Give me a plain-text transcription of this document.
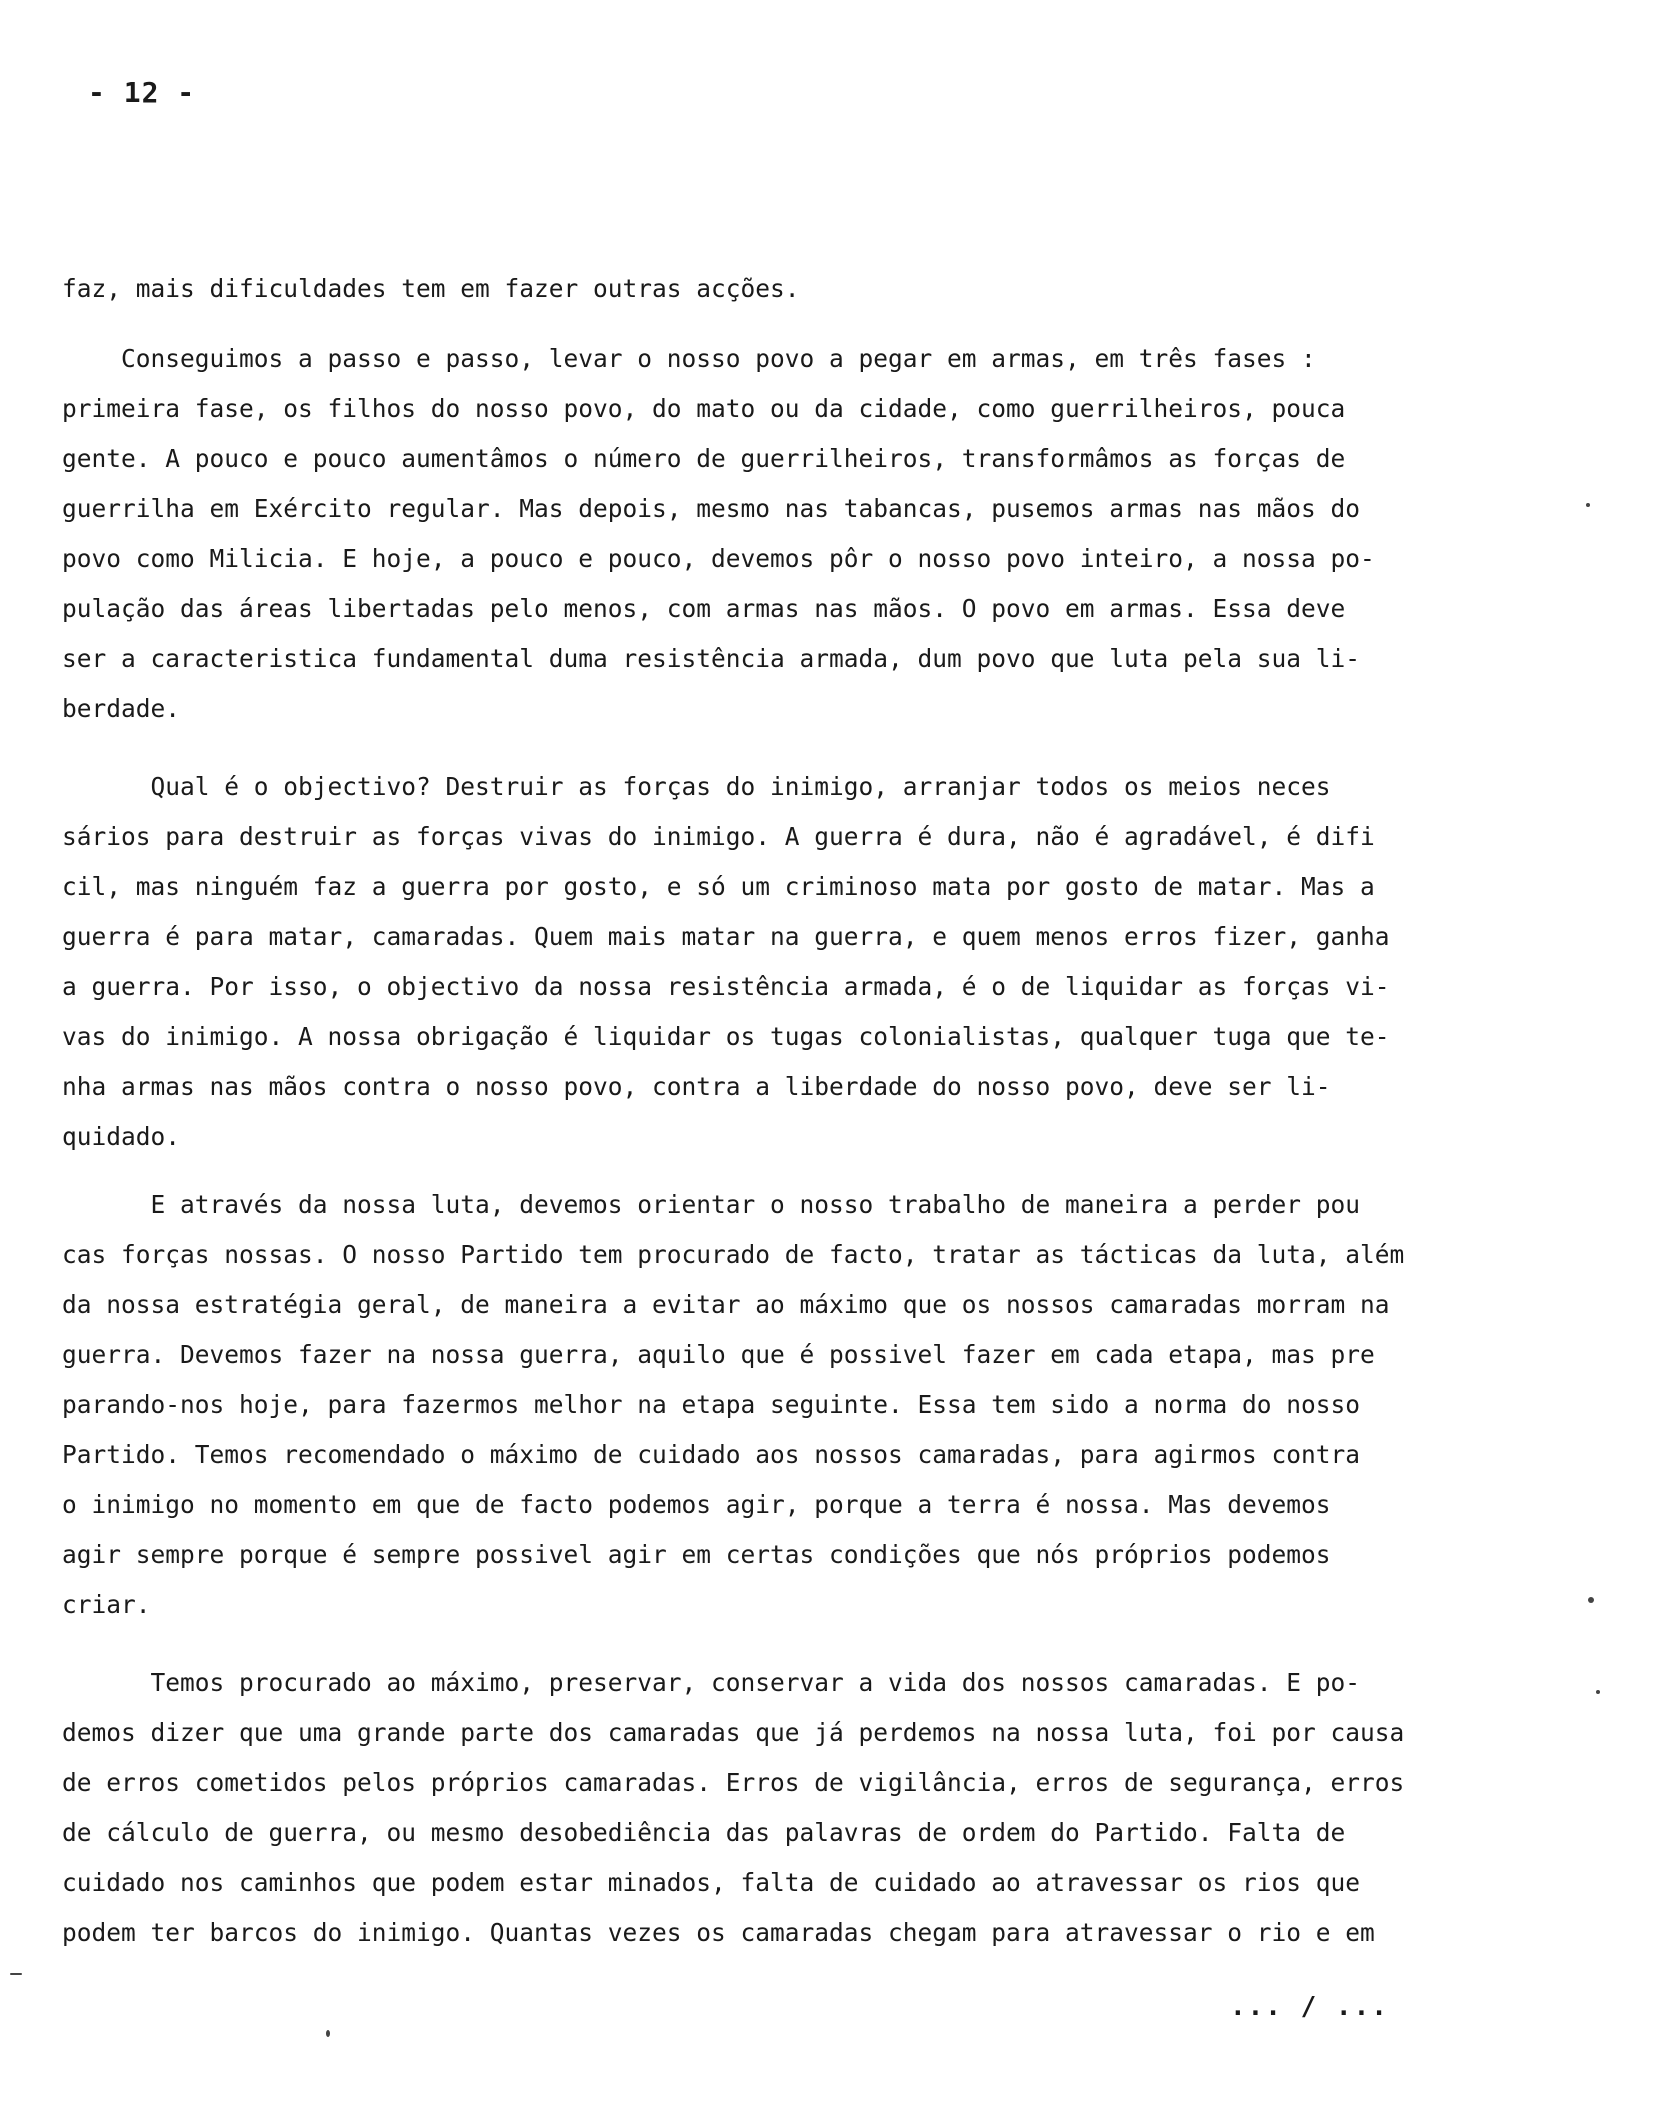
- 12 -
faz, mais dificuldades tem em fazer outras acções.
Conseguimos a passo e passo, levar o nosso povo a pegar em armas, em três fases :
primeira fase, os filhos do nosso povo, do mato ou da cidade, como guerrilheiros, pouca
gente. A pouco e pouco aumentâmos o número de guerrilheiros, transformâmos as forças de
guerrilha em Exército regular. Mas depois, mesmo nas tabancas, pusemos armas nas mãos do
povo como Milicia. E hoje, a pouco e pouco, devemos pôr o nosso povo inteiro, a nossa po-
pulação das áreas libertadas pelo menos, com armas nas mãos. O povo em armas. Essa deve
ser a caracteristica fundamental duma resistência armada, dum povo que luta pela sua li-
berdade.
Qual é o objectivo? Destruir as forças do inimigo, arranjar todos os meios neces
sários para destruir as forças vivas do inimigo. A guerra é dura, não é agradável, é difi
cil, mas ninguém faz a guerra por gosto, e só um criminoso mata por gosto de matar. Mas a
guerra é para matar, camaradas. Quem mais matar na guerra, e quem menos erros fizer, ganha
a guerra. Por isso, o objectivo da nossa resistência armada, é o de liquidar as forças vi-
vas do inimigo. A nossa obrigação é liquidar os tugas colonialistas, qualquer tuga que te-
nha armas nas mãos contra o nosso povo, contra a liberdade do nosso povo, deve ser li-
quidado.
E através da nossa luta, devemos orientar o nosso trabalho de maneira a perder pou
cas forças nossas. O nosso Partido tem procurado de facto, tratar as tácticas da luta, além
da nossa estratégia geral, de maneira a evitar ao máximo que os nossos camaradas morram na
guerra. Devemos fazer na nossa guerra, aquilo que é possivel fazer em cada etapa, mas pre
parando-nos hoje, para fazermos melhor na etapa seguinte. Essa tem sido a norma do nosso
Partido. Temos recomendado o máximo de cuidado aos nossos camaradas, para agirmos contra
o inimigo no momento em que de facto podemos agir, porque a terra é nossa. Mas devemos
agir sempre porque é sempre possivel agir em certas condições que nós próprios podemos
criar.
Temos procurado ao máximo, preservar, conservar a vida dos nossos camaradas. E po-
demos dizer que uma grande parte dos camaradas que já perdemos na nossa luta, foi por causa
de erros cometidos pelos próprios camaradas. Erros de vigilância, erros de segurança, erros
de cálculo de guerra, ou mesmo desobediência das palavras de ordem do Partido. Falta de
cuidado nos caminhos que podem estar minados, falta de cuidado ao atravessar os rios que
podem ter barcos do inimigo. Quantas vezes os camaradas chegam para atravessar o rio e em
... / ...
